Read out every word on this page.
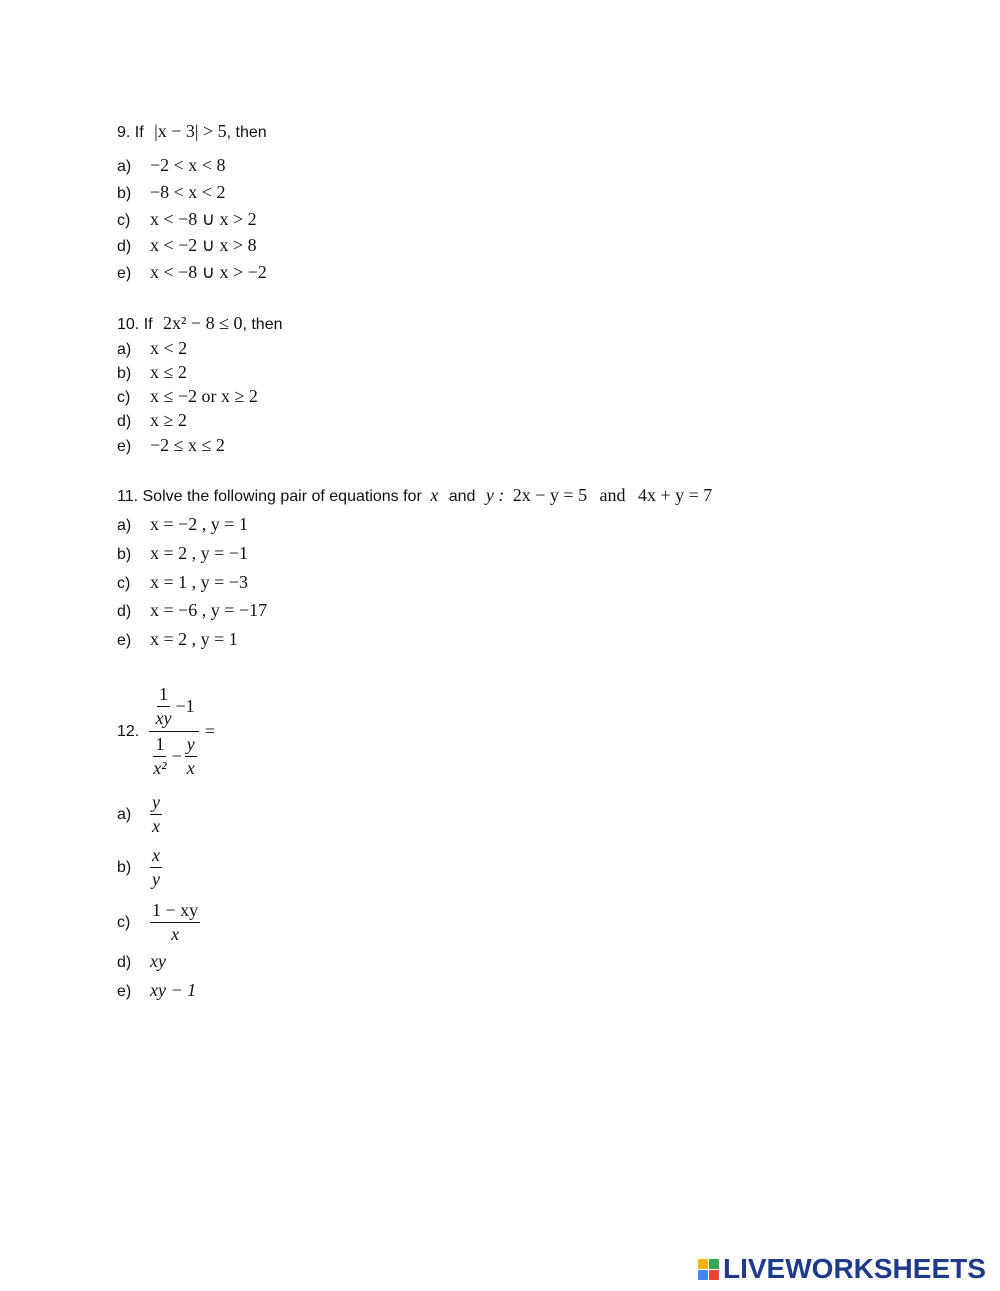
9. If |x − 3| > 5, then
a) −2 < x < 8
b) −8 < x < 2
c) x < −8 ∪ x > 2
d) x < −2 ∪ x > 8
e) x < −8 ∪ x > −2
10. If 2x² − 8 ≤ 0, then
a) x < 2
b) x ≤ 2
c) x ≤ −2 or x ≥ 2
d) x ≥ 2
e) −2 ≤ x ≤ 2
11. Solve the following pair of equations for x and y : 2x − y = 5 and 4x + y = 7
a) x = −2 , y = 1
b) x = 2 , y = −1
c) x = 1 , y = −3
d) x = −6 , y = −17
e) x = 2 , y = 1
12. $\frac{\frac{1}{xy} -1}{\frac{1}{\text{x²}} - \frac{y}{x}}$ =
a)	$\frac{y}{x}$
b)	$\frac{x}{y}$
c)	$\frac{1 - xy}{x}$
d) xy
e) xy − 1
LIVEWORKSHEETS
